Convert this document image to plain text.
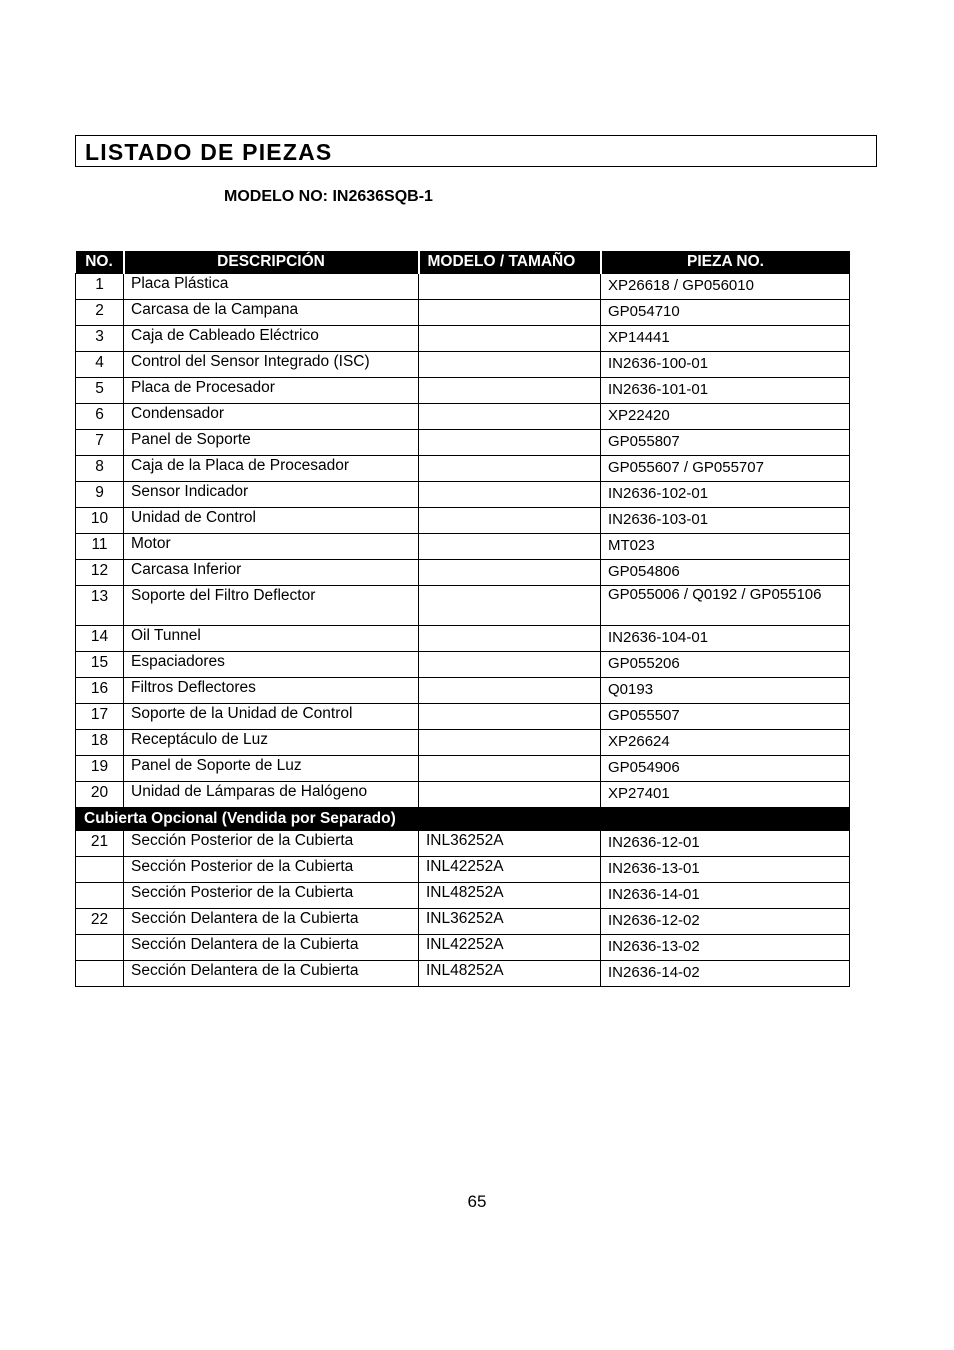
LISTADO DE PIEZAS
MODELO NO: IN2636SQB-1
NO.	DESCRIPCIÓN	MODELO / TAMAÑO	PIEZA NO.
1	Placa Plástica		XP26618 / GP056010
2	Carcasa de la Campana		GP054710
3	Caja de Cableado Eléctrico		XP14441
4	Control del Sensor Integrado (ISC)		IN2636-100-01
5	Placa de Procesador		IN2636-101-01
6	Condensador		XP22420
7	Panel de Soporte		GP055807
8	Caja de la Placa de Procesador		GP055607 / GP055707
9	Sensor Indicador		IN2636-102-01
10	Unidad de Control		IN2636-103-01
11	Motor		MT023
12	Carcasa Inferior		GP054806
13	Soporte del Filtro Deflector		GP055006 / Q0192 / GP055106
14	Oil Tunnel		IN2636-104-01
15	Espaciadores		GP055206
16	Filtros Deflectores		Q0193
17	Soporte de la Unidad de Control		GP055507
18	Receptáculo de Luz		XP26624
19	Panel de Soporte de Luz		GP054906
20	Unidad de Lámparas de Halógeno		XP27401
Cubierta Opcional (Vendida por Separado)			
21	Sección Posterior de la Cubierta	INL36252A	IN2636-12-01
	Sección Posterior de la Cubierta	INL42252A	IN2636-13-01
	Sección Posterior de la Cubierta	INL48252A	IN2636-14-01
22	Sección Delantera de la Cubierta	INL36252A	IN2636-12-02
	Sección Delantera de la Cubierta	INL42252A	IN2636-13-02
	Sección Delantera de la Cubierta	INL48252A	IN2636-14-02
65
